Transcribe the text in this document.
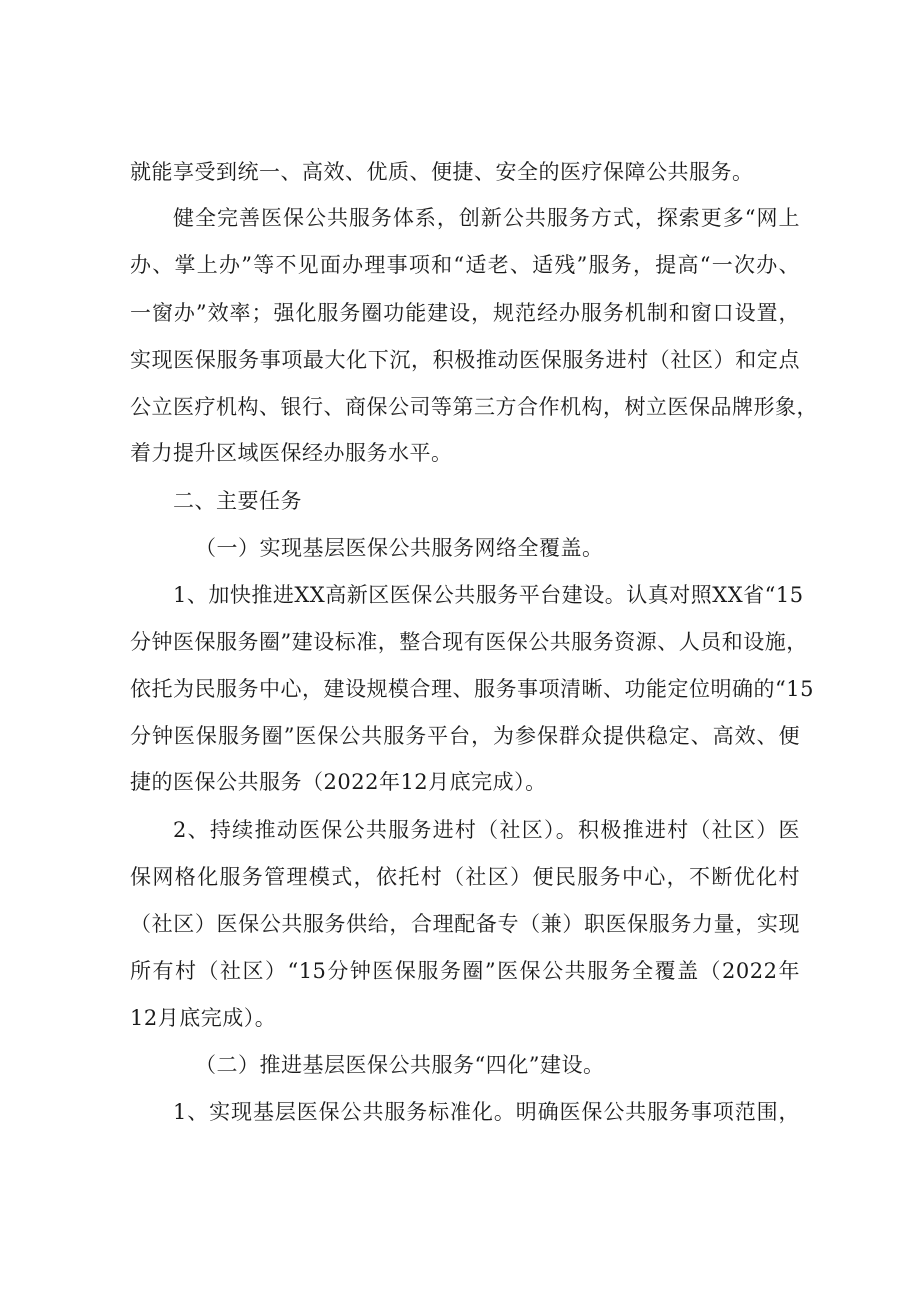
就能享受到统一、高效、优质、便捷、安全的医疗保障公共服务。

健全完善医保公共服务体系，创新公共服务方式，探索更多“网上

办、掌上办”等不见面办理事项和“适老、适残”服务，提高“一次办、

一窗办”效率；强化服务圈功能建设，规范经办服务机制和窗口设置，

实现医保服务事项最大化下沉，积极推动医保服务进村（社区）和定点

公立医疗机构、银行、商保公司等第三方合作机构，树立医保品牌形象，

着力提升区域医保经办服务水平。

二、主要任务

（一）实现基层医保公共服务网络全覆盖。

1、加快推进XX高新区医保公共服务平台建设。认真对照XX省“15

分钟医保服务圈”建设标准，整合现有医保公共服务资源、人员和设施，

依托为民服务中心，建设规模合理、服务事项清晰、功能定位明确的“15

分钟医保服务圈”医保公共服务平台，为参保群众提供稳定、高效、便

捷的医保公共服务（2022年12月底完成）。

2、持续推动医保公共服务进村（社区）。积极推进村（社区）医

保网格化服务管理模式，依托村（社区）便民服务中心，不断优化村

（社区）医保公共服务供给，合理配备专（兼）职医保服务力量，实现

所有村（社区）“15分钟医保服务圈”医保公共服务全覆盖（2022年

12月底完成）。

（二）推进基层医保公共服务“四化”建设。

1、实现基层医保公共服务标准化。明确医保公共服务事项范围，
